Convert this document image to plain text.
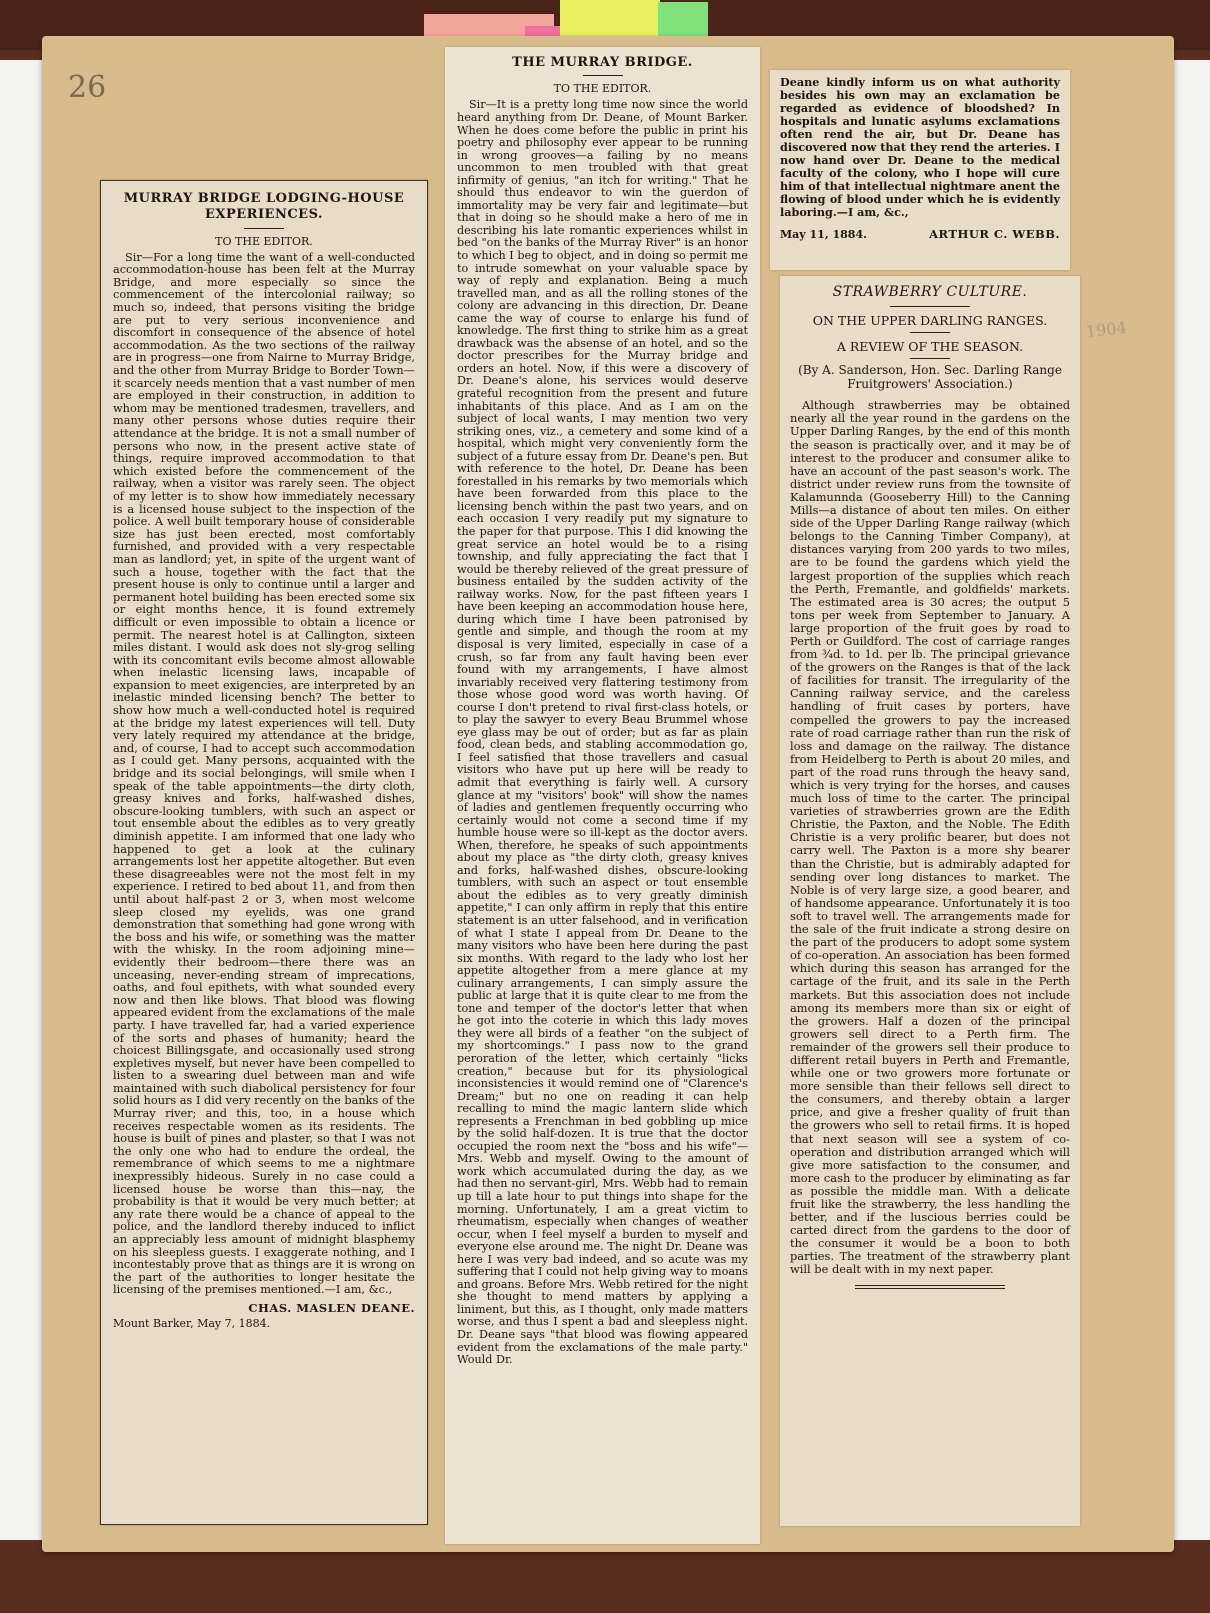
26
1904
MURRAY BRIDGE LODGING-HOUSE EXPERIENCES.
TO THE EDITOR.

Sir—For a long time the want of a well-conducted accommodation-house has been felt at the Murray Bridge, and more especially so since the commencement of the intercolonial railway; so much so, indeed, that persons visiting the bridge are put to very serious inconvenience and discomfort in consequence of the absence of hotel accommodation. As the two sections of the railway are in progress—one from Nairne to Murray Bridge, and the other from Murray Bridge to Border Town—it scarcely needs mention that a vast number of men are employed in their construction, in addition to whom may be mentioned tradesmen, travellers, and many other persons whose duties require their attendance at the bridge. It is not a small number of persons who now, in the present active state of things, require improved accommodation to that which existed before the commencement of the railway, when a visitor was rarely seen. The object of my letter is to show how immediately necessary is a licensed house subject to the inspection of the police. A well built temporary house of considerable size has just been erected, most comfortably furnished, and provided with a very respectable man as landlord; yet, in spite of the urgent want of such a house, together with the fact that the present house is only to continue until a larger and permanent hotel building has been erected some six or eight months hence, it is found extremely difficult or even impossible to obtain a licence or permit. The nearest hotel is at Callington, sixteen miles distant. I would ask does not sly-grog selling with its concomitant evils become almost allowable when inelastic licensing laws, incapable of expansion to meet exigencies, are interpreted by an inelastic minded licensing bench? The better to show how much a well-conducted hotel is required at the bridge my latest experiences will tell. Duty very lately required my attendance at the bridge, and, of course, I had to accept such accommodation as I could get. Many persons, acquainted with the bridge and its social belongings, will smile when I speak of the table appointments—the dirty cloth, greasy knives and forks, half-washed dishes, obscure-looking tumblers, with such an aspect or tout ensemble about the edibles as to very greatly diminish appetite. I am informed that one lady who happened to get a look at the culinary arrangements lost her appetite altogether. But even these disagreeables were not the most felt in my experience. I retired to bed about 11, and from then until about half-past 2 or 3, when most welcome sleep closed my eyelids, was one grand demonstration that something had gone wrong with the boss and his wife, or something was the matter with the whisky. In the room adjoining mine—evidently their bedroom—there there was an unceasing, never-ending stream of imprecations, oaths, and foul epithets, with what sounded every now and then like blows. That blood was flowing appeared evident from the exclamations of the male party. I have travelled far, had a varied experience of the sorts and phases of humanity; heard the choicest Billingsgate, and occasionally used strong expletives myself, but never have been compelled to listen to a swearing duel between man and wife maintained with such diabolical persistency for four solid hours as I did very recently on the banks of the Murray river; and this, too, in a house which receives respectable women as its residents. The house is built of pines and plaster, so that I was not the only one who had to endure the ordeal, the remembrance of which seems to me a nightmare inexpressibly hideous. Surely in no case could a licensed house be worse than this—nay, the probability is that it would be very much better; at any rate there would be a chance of appeal to the police, and the landlord thereby induced to inflict an appreciably less amount of midnight blasphemy on his sleepless guests. I exaggerate nothing, and I incontestably prove that as things are it is wrong on the part of the authorities to longer hesitate the licensing of the premises mentioned.—I am, &c.,

CHAS. MASLEN DEANE.
Mount Barker, May 7, 1884.
THE MURRAY BRIDGE.
TO THE EDITOR.

Sir—It is a pretty long time now since the world heard anything from Dr. Deane, of Mount Barker. When he does come before the public in print his poetry and philosophy ever appear to be running in wrong grooves—a failing by no means uncommon to men troubled with that great infirmity of genius, "an itch for writing." That he should thus endeavor to win the guerdon of immortality may be very fair and legitimate—but that in doing so he should make a hero of me in describing his late romantic experiences whilst in bed "on the banks of the Murray River" is an honor to which I beg to object, and in doing so permit me to intrude somewhat on your valuable space by way of reply and explanation. Being a much travelled man, and as all the rolling stones of the colony are advancing in this direction, Dr. Deane came the way of course to enlarge his fund of knowledge. The first thing to strike him as a great drawback was the absense of an hotel, and so the doctor prescribes for the Murray bridge and orders an hotel. Now, if this were a discovery of Dr. Deane's alone, his services would deserve grateful recognition from the present and future inhabitants of this place. And as I am on the subject of local wants, I may mention two very striking ones, viz., a cemetery and some kind of a hospital, which might very conveniently form the subject of a future essay from Dr. Deane's pen. But with reference to the hotel, Dr. Deane has been forestalled in his remarks by two memorials which have been forwarded from this place to the licensing bench within the past two years, and on each occasion I very readily put my signature to the paper for that purpose. This I did knowing the great service an hotel would be to a rising township, and fully appreciating the fact that I would be thereby relieved of the great pressure of business entailed by the sudden activity of the railway works. Now, for the past fifteen years I have been keeping an accommodation house here, during which time I have been patronised by gentle and simple, and though the room at my disposal is very limited, especially in case of a crush, so far from any fault having been ever found with my arrangements, I have almost invariably received very flattering testimony from those whose good word was worth having. Of course I don't pretend to rival first-class hotels, or to play the sawyer to every Beau Brummel whose eye glass may be out of order; but as far as plain food, clean beds, and stabling accommodation go, I feel satisfied that those travellers and casual visitors who have put up here will be ready to admit that everything is fairly well. A cursory glance at my "visitors' book" will show the names of ladies and gentlemen frequently occurring who certainly would not come a second time if my humble house were so ill-kept as the doctor avers. When, therefore, he speaks of such appointments about my place as "the dirty cloth, greasy knives and forks, half-washed dishes, obscure-looking tumblers, with such an aspect or tout ensemble about the edibles as to very greatly diminish appetite," I can only affirm in reply that this entire statement is an utter falsehood, and in verification of what I state I appeal from Dr. Deane to the many visitors who have been here during the past six months. With regard to the lady who lost her appetite altogether from a mere glance at my culinary arrangements, I can simply assure the public at large that it is quite clear to me from the tone and temper of the doctor's letter that when he got into the coterie in which this lady moves they were all birds of a feather "on the subject of my shortcomings." I pass now to the grand peroration of the letter, which certainly "licks creation," because but for its physiological inconsistencies it would remind one of "Clarence's Dream;" but no one on reading it can help recalling to mind the magic lantern slide which represents a Frenchman in bed gobbling up mice by the solid half-dozen. It is true that the doctor occupied the room next the "boss and his wife"—Mrs. Webb and myself. Owing to the amount of work which accumulated during the day, as we had then no servant-girl, Mrs. Webb had to remain up till a late hour to put things into shape for the morning. Unfortunately, I am a great victim to rheumatism, especially when changes of weather occur, when I feel myself a burden to myself and everyone else around me. The night Dr. Deane was here I was very bad indeed, and so acute was my suffering that I could not help giving way to moans and groans. Before Mrs. Webb retired for the night she thought to mend matters by applying a liniment, but this, as I thought, only made matters worse, and thus I spent a bad and sleepless night. Dr. Deane says "that blood was flowing appeared evident from the exclamations of the male party." Would Dr.

Deane kindly inform us on what authority besides his own may an exclamation be regarded as evidence of bloodshed? In hospitals and lunatic asylums exclamations often rend the air, but Dr. Deane has discovered now that they rend the arteries. I now hand over Dr. Deane to the medical faculty of the colony, who I hope will cure him of that intellectual nightmare anent the flowing of blood under which he is evidently laboring.—I am, &c.,

May 11, 1884.	ARTHUR C. WEBB.
STRAWBERRY CULTURE.
ON THE UPPER DARLING RANGES.
A REVIEW OF THE SEASON.
(By A. Sanderson, Hon. Sec. Darling Range Fruitgrowers' Association.)

Although strawberries may be obtained nearly all the year round in the gardens on the Upper Darling Ranges, by the end of this month the season is practically over, and it may be of interest to the producer and consumer alike to have an account of the past season's work. The district under review runs from the townsite of Kalamunnda (Gooseberry Hill) to the Canning Mills—a distance of about ten miles. On either side of the Upper Darling Range railway (which belongs to the Canning Timber Company), at distances varying from 200 yards to two miles, are to be found the gardens which yield the largest proportion of the supplies which reach the Perth, Fremantle, and goldfields' markets. The estimated area is 30 acres; the output 5 tons per week from September to January. A large proportion of the fruit goes by road to Perth or Guildford. The cost of carriage ranges from ¾d. to 1d. per lb. The principal grievance of the growers on the Ranges is that of the lack of facilities for transit. The irregularity of the Canning railway service, and the careless handling of fruit cases by porters, have compelled the growers to pay the increased rate of road carriage rather than run the risk of loss and damage on the railway. The distance from Heidelberg to Perth is about 20 miles, and part of the road runs through the heavy sand, which is very trying for the horses, and causes much loss of time to the carter. The principal varieties of strawberries grown are the Edith Christie, the Paxton, and the Noble. The Edith Christie is a very prolific bearer, but does not carry well. The Paxton is a more shy bearer than the Christie, but is admirably adapted for sending over long distances to market. The Noble is of very large size, a good bearer, and of handsome appearance. Unfortunately it is too soft to travel well. The arrangements made for the sale of the fruit indicate a strong desire on the part of the producers to adopt some system of co-operation. An association has been formed which during this season has arranged for the cartage of the fruit, and its sale in the Perth markets. But this association does not include among its members more than six or eight of the growers. Half a dozen of the principal growers sell direct to a Perth firm. The remainder of the growers sell their produce to different retail buyers in Perth and Fremantle, while one or two growers more fortunate or more sensible than their fellows sell direct to the consumers, and thereby obtain a larger price, and give a fresher quality of fruit than the growers who sell to retail firms. It is hoped that next season will see a system of co-operation and distribution arranged which will give more satisfaction to the consumer, and more cash to the producer by eliminating as far as possible the middle man. With a delicate fruit like the strawberry, the less handling the better, and if the luscious berries could be carted direct from the gardens to the door of the consumer it would be a boon to both parties. The treatment of the strawberry plant will be dealt with in my next paper.
